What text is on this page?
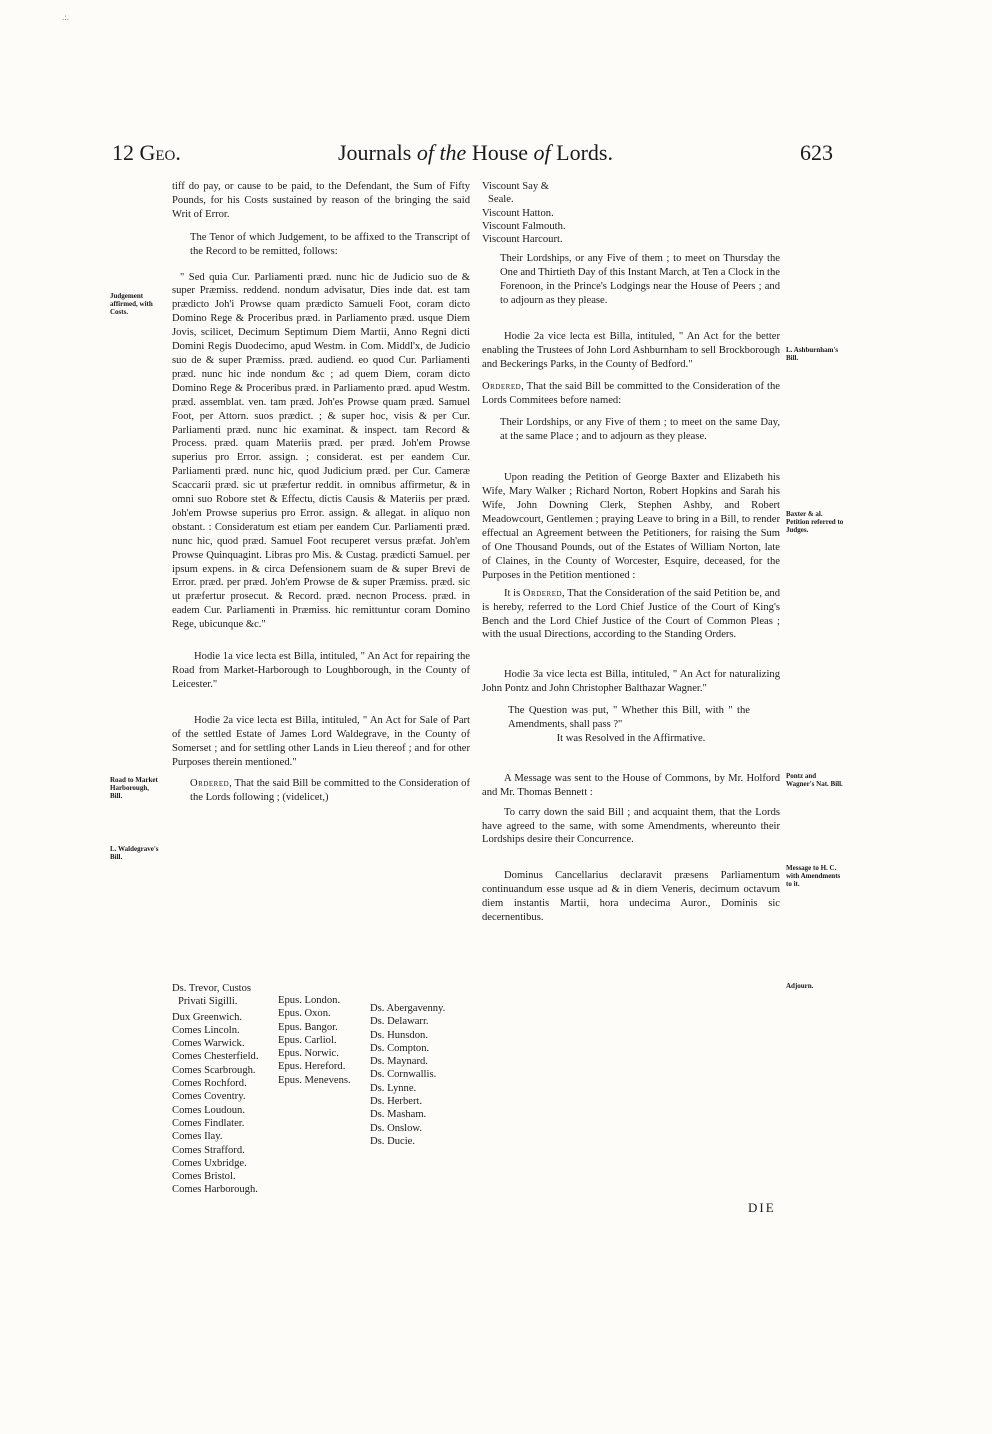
.:.
12 Geo.	Journals of the House of Lords.	623

tiff do pay, or cause to be paid, to the Defendant, the Sum of Fifty Pounds, for his Costs sustained by reason of the bringing the said Writ of Error.

The Tenor of which Judgement, to be affixed to the Transcript of the Record to be remitted, follows:

" Sed quia Cur. Parliamenti præd. nunc hic de Judicio suo de & super Præmiss. reddend. nondum advisatur, Dies inde dat. est tam prædicto Joh'i Prowse quam prædicto Samueli Foot, coram dicto Domino Rege & Proceribus præd. in Parliamento præd. usque Diem Jovis, scilicet, Decimum Septimum Diem Martii, Anno Regni dicti Domini Regis Duodecimo, apud Westm. in Com. Middl'x, de Judicio suo de & super Præmiss. præd. audiend. eo quod Cur. Parliamenti præd. nunc hic inde nondum &c ; ad quem Diem, coram dicto Domino Rege & Proceribus præd. in Parliamento præd. apud Westm. præd. assemblat. ven. tam præd. Joh'es Prowse quam præd. Samuel Foot, per Attorn. suos prædict. ; & super hoc, visis & per Cur. Parliamenti præd. nunc hic examinat. & inspect. tam Record & Process. præd. quam Materiis præd. per præd. Joh'em Prowse superius pro Error. assign. ; considerat. est per eandem Cur. Parliamenti præd. nunc hic, quod Judicium præd. per Cur. Cameræ Scaccarii præd. sic ut præfertur reddit. in omnibus affirmetur, & in omni suo Robore stet & Effectu, dictis Causis & Materiis per præd. Joh'em Prowse superius pro Error. assign. & allegat. in aliquo non obstant. : Consideratum est etiam per eandem Cur. Parliamenti præd. nunc hic, quod præd. Samuel Foot recuperet versus præfat. Joh'em Prowse Quinquagint. Libras pro Mis. & Custag. prædicti Samuel. per ipsum expens. in & circa Defensionem suam de & super Brevi de Error. præd. per præd. Joh'em Prowse de & super Præmiss. præd. sic ut præfertur prosecut. & Record. præd. necnon Process. præd. in eadem Cur. Parliamenti in Præmiss. hic remittuntur coram Domino Rege, ubicunque &c."

Hodie 1a vice lecta est Billa, intituled, " An Act for repairing the Road from Market-Harborough to Loughborough, in the County of Leicester."

Hodie 2a vice lecta est Billa, intituled, " An Act for Sale of Part of the settled Estate of James Lord Waldegrave, in the County of Somerset ; and for settling other Lands in Lieu thereof ; and for other Purposes therein mentioned."

Ordered, That the said Bill be committed to the Consideration of the Lords following ; (videlicet,)

Judgement affirmed, with Costs.
Road to Market Harborough, Bill.
L. Waldegrave's Bill.
Ds. Trevor, Custos
Privati Sigilli.
Dux Greenwich.
Comes Lincoln.
Comes Warwick.
Comes Chesterfield.
Comes Scarbrough.
Comes Rochford.
Comes Coventry.
Comes Loudoun.
Comes Findlater.
Comes Ilay.
Comes Strafford.
Comes Uxbridge.
Comes Bristol.
Comes Harborough.
Epus. London.
Epus. Oxon.
Epus. Bangor.
Epus. Carliol.
Epus. Norwic.
Epus. Hereford.
Epus. Menevens.
Ds. Abergavenny.
Ds. Delawarr.
Ds. Hunsdon.
Ds. Compton.
Ds. Maynard.
Ds. Cornwallis.
Ds. Lynne.
Ds. Herbert.
Ds. Masham.
Ds. Onslow.
Ds. Ducie.
Viscount Say &
Seale.
Viscount Hatton.
Viscount Falmouth.
Viscount Harcourt.

Their Lordships, or any Five of them ; to meet on Thursday the One and Thirtieth Day of this Instant March, at Ten a Clock in the Forenoon, in the Prince's Lodgings near the House of Peers ; and to adjourn as they please.

Hodie 2a vice lecta est Billa, intituled, " An Act for the better enabling the Trustees of John Lord Ashburnham to sell Brockborough and Beckerings Parks, in the County of Bedford."

Ordered, That the said Bill be committed to the Consideration of the Lords Commitees before named:

Their Lordships, or any Five of them ; to meet on the same Day, at the same Place ; and to adjourn as they please.

Upon reading the Petition of George Baxter and Elizabeth his Wife, Mary Walker ; Richard Norton, Robert Hopkins and Sarah his Wife, John Downing Clerk, Stephen Ashby, and Robert Meadowcourt, Gentlemen ; praying Leave to bring in a Bill, to render effectual an Agreement between the Petitioners, for raising the Sum of One Thousand Pounds, out of the Estates of William Norton, late of Claines, in the County of Worcester, Esquire, deceased, for the Purposes in the Petition mentioned :

It is Ordered, That the Consideration of the said Petition be, and is hereby, referred to the Lord Chief Justice of the Court of King's Bench and the Lord Chief Justice of the Court of Common Pleas ; with the usual Directions, according to the Standing Orders.

Hodie 3a vice lecta est Billa, intituled, " An Act for naturalizing John Pontz and John Christopher Balthazar Wagner."

The Question was put, " Whether this Bill, with " the Amendments, shall pass ?"

It was Resolved in the Affirmative.

A Message was sent to the House of Commons, by Mr. Holford and Mr. Thomas Bennett :

To carry down the said Bill ; and acquaint them, that the Lords have agreed to the same, with some Amendments, whereunto their Lordships desire their Concurrence.

Dominus Cancellarius declaravit præsens Parliamentum continuandum esse usque ad & in diem Veneris, decimum octavum diem instantis Martii, hora undecima Auror., Dominis sic decernentibus.

L. Ashburnham's Bill.
Baxter & al. Petition referred to Judges.
Pontz and Wagner's Nat. Bill.
Message to H. C. with Amendments to it.
Adjourn.
DIE
